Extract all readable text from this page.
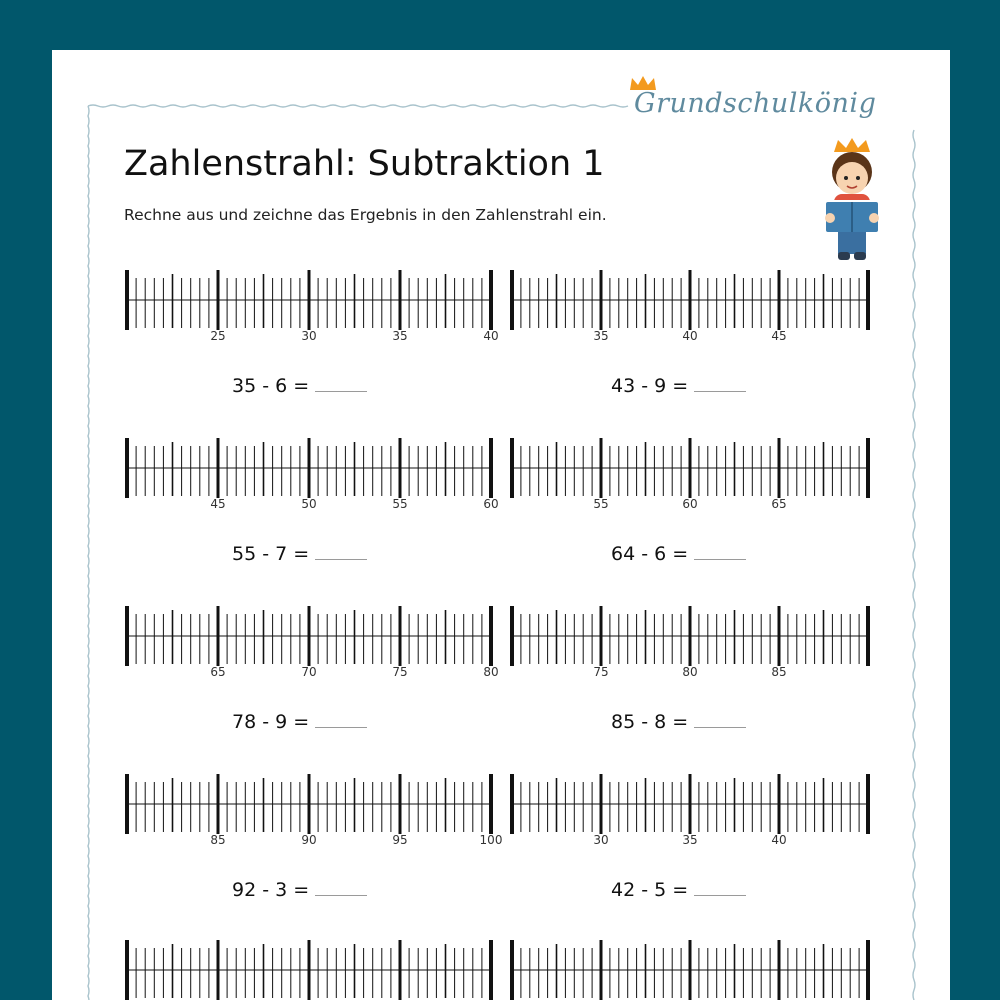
Grundschulkönig
Zahlenstrahl: Subtraktion 1
Rechne aus und zeichne das Ergebnis in den Zahlenstrahl ein.
25	30	35	40	35	40	45
45	50	55	60	55	60	65
65	70	75	80	75	80	85
85	90	95	100	30	35	40
35 - 6 =	43 - 9 =
55 - 7 =	64 - 6 =
78 - 9 =	85 - 8 =
92 - 3 =	42 - 5 =
